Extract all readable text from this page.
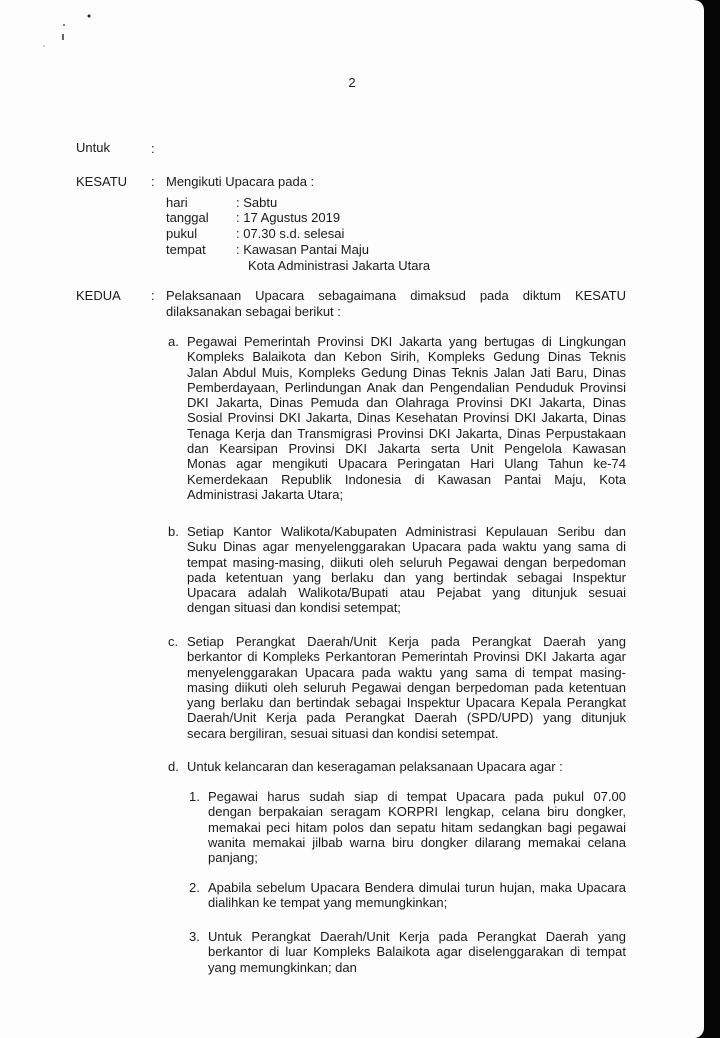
2
Untuk	:
KESATU : Mengikuti Upacara pada :
hari	: Sabtu
tanggal : 17 Agustus 2019
pukul	: 07.30 s.d. selesai
tempat : Kawasan Pantai Maju
Kota Administrasi Jakarta Utara
KEDUA : Pelaksanaan Upacara sebagaimana dimaksud pada diktum KESATU
dilaksanakan sebagai berikut :
a. Pegawai Pemerintah Provinsi DKI Jakarta yang bertugas di Lingkungan

Kompleks Balaikota dan Kebon Sirih, Kompleks Gedung Dinas Teknis

Jalan Abdul Muis, Kompleks Gedung Dinas Teknis Jalan Jati Baru, Dinas

Pemberdayaan, Perlindungan Anak dan Pengendalian Penduduk Provinsi

DKI Jakarta, Dinas Pemuda dan Olahraga Provinsi DKI Jakarta, Dinas

Sosial Provinsi DKI Jakarta, Dinas Kesehatan Provinsi DKI Jakarta, Dinas

Tenaga Kerja dan Transmigrasi Provinsi DKI Jakarta, Dinas Perpustakaan

dan Kearsipan Provinsi DKI Jakarta serta Unit Pengelola Kawasan

Monas agar mengikuti Upacara Peringatan Hari Ulang Tahun ke-74

Kemerdekaan Republik Indonesia di Kawasan Pantai Maju, Kota

Administrasi Jakarta Utara;

b. Setiap Kantor Walikota/Kabupaten Administrasi Kepulauan Seribu dan

Suku Dinas agar menyelenggarakan Upacara pada waktu yang sama di

tempat masing-masing, diikuti oleh seluruh Pegawai dengan berpedoman

pada ketentuan yang berlaku dan yang bertindak sebagai Inspektur

Upacara adalah Walikota/Bupati atau Pejabat yang ditunjuk sesuai

dengan situasi dan kondisi setempat;

c. Setiap Perangkat Daerah/Unit Kerja pada Perangkat Daerah yang

berkantor di Kompleks Perkantoran Pemerintah Provinsi DKI Jakarta agar

menyelenggarakan Upacara pada waktu yang sama di tempat masing-

masing diikuti oleh seluruh Pegawai dengan berpedoman pada ketentuan

yang berlaku dan bertindak sebagai Inspektur Upacara Kepala Perangkat

Daerah/Unit Kerja pada Perangkat Daerah (SPD/UPD) yang ditunjuk

secara bergiliran, sesuai situasi dan kondisi setempat.

d. Untuk kelancaran dan keseragaman pelaksanaan Upacara agar :

1. Pegawai harus sudah siap di tempat Upacara pada pukul 07.00

dengan berpakaian seragam KORPRI lengkap, celana biru dongker,

memakai peci hitam polos dan sepatu hitam sedangkan bagi pegawai

wanita memakai jilbab warna biru dongker dilarang memakai celana

panjang;

2. Apabila sebelum Upacara Bendera dimulai turun hujan, maka Upacara

dialihkan ke tempat yang memungkinkan;

3. Untuk Perangkat Daerah/Unit Kerja pada Perangkat Daerah yang

berkantor di luar Kompleks Balaikota agar diselenggarakan di tempat

yang memungkinkan; dan
